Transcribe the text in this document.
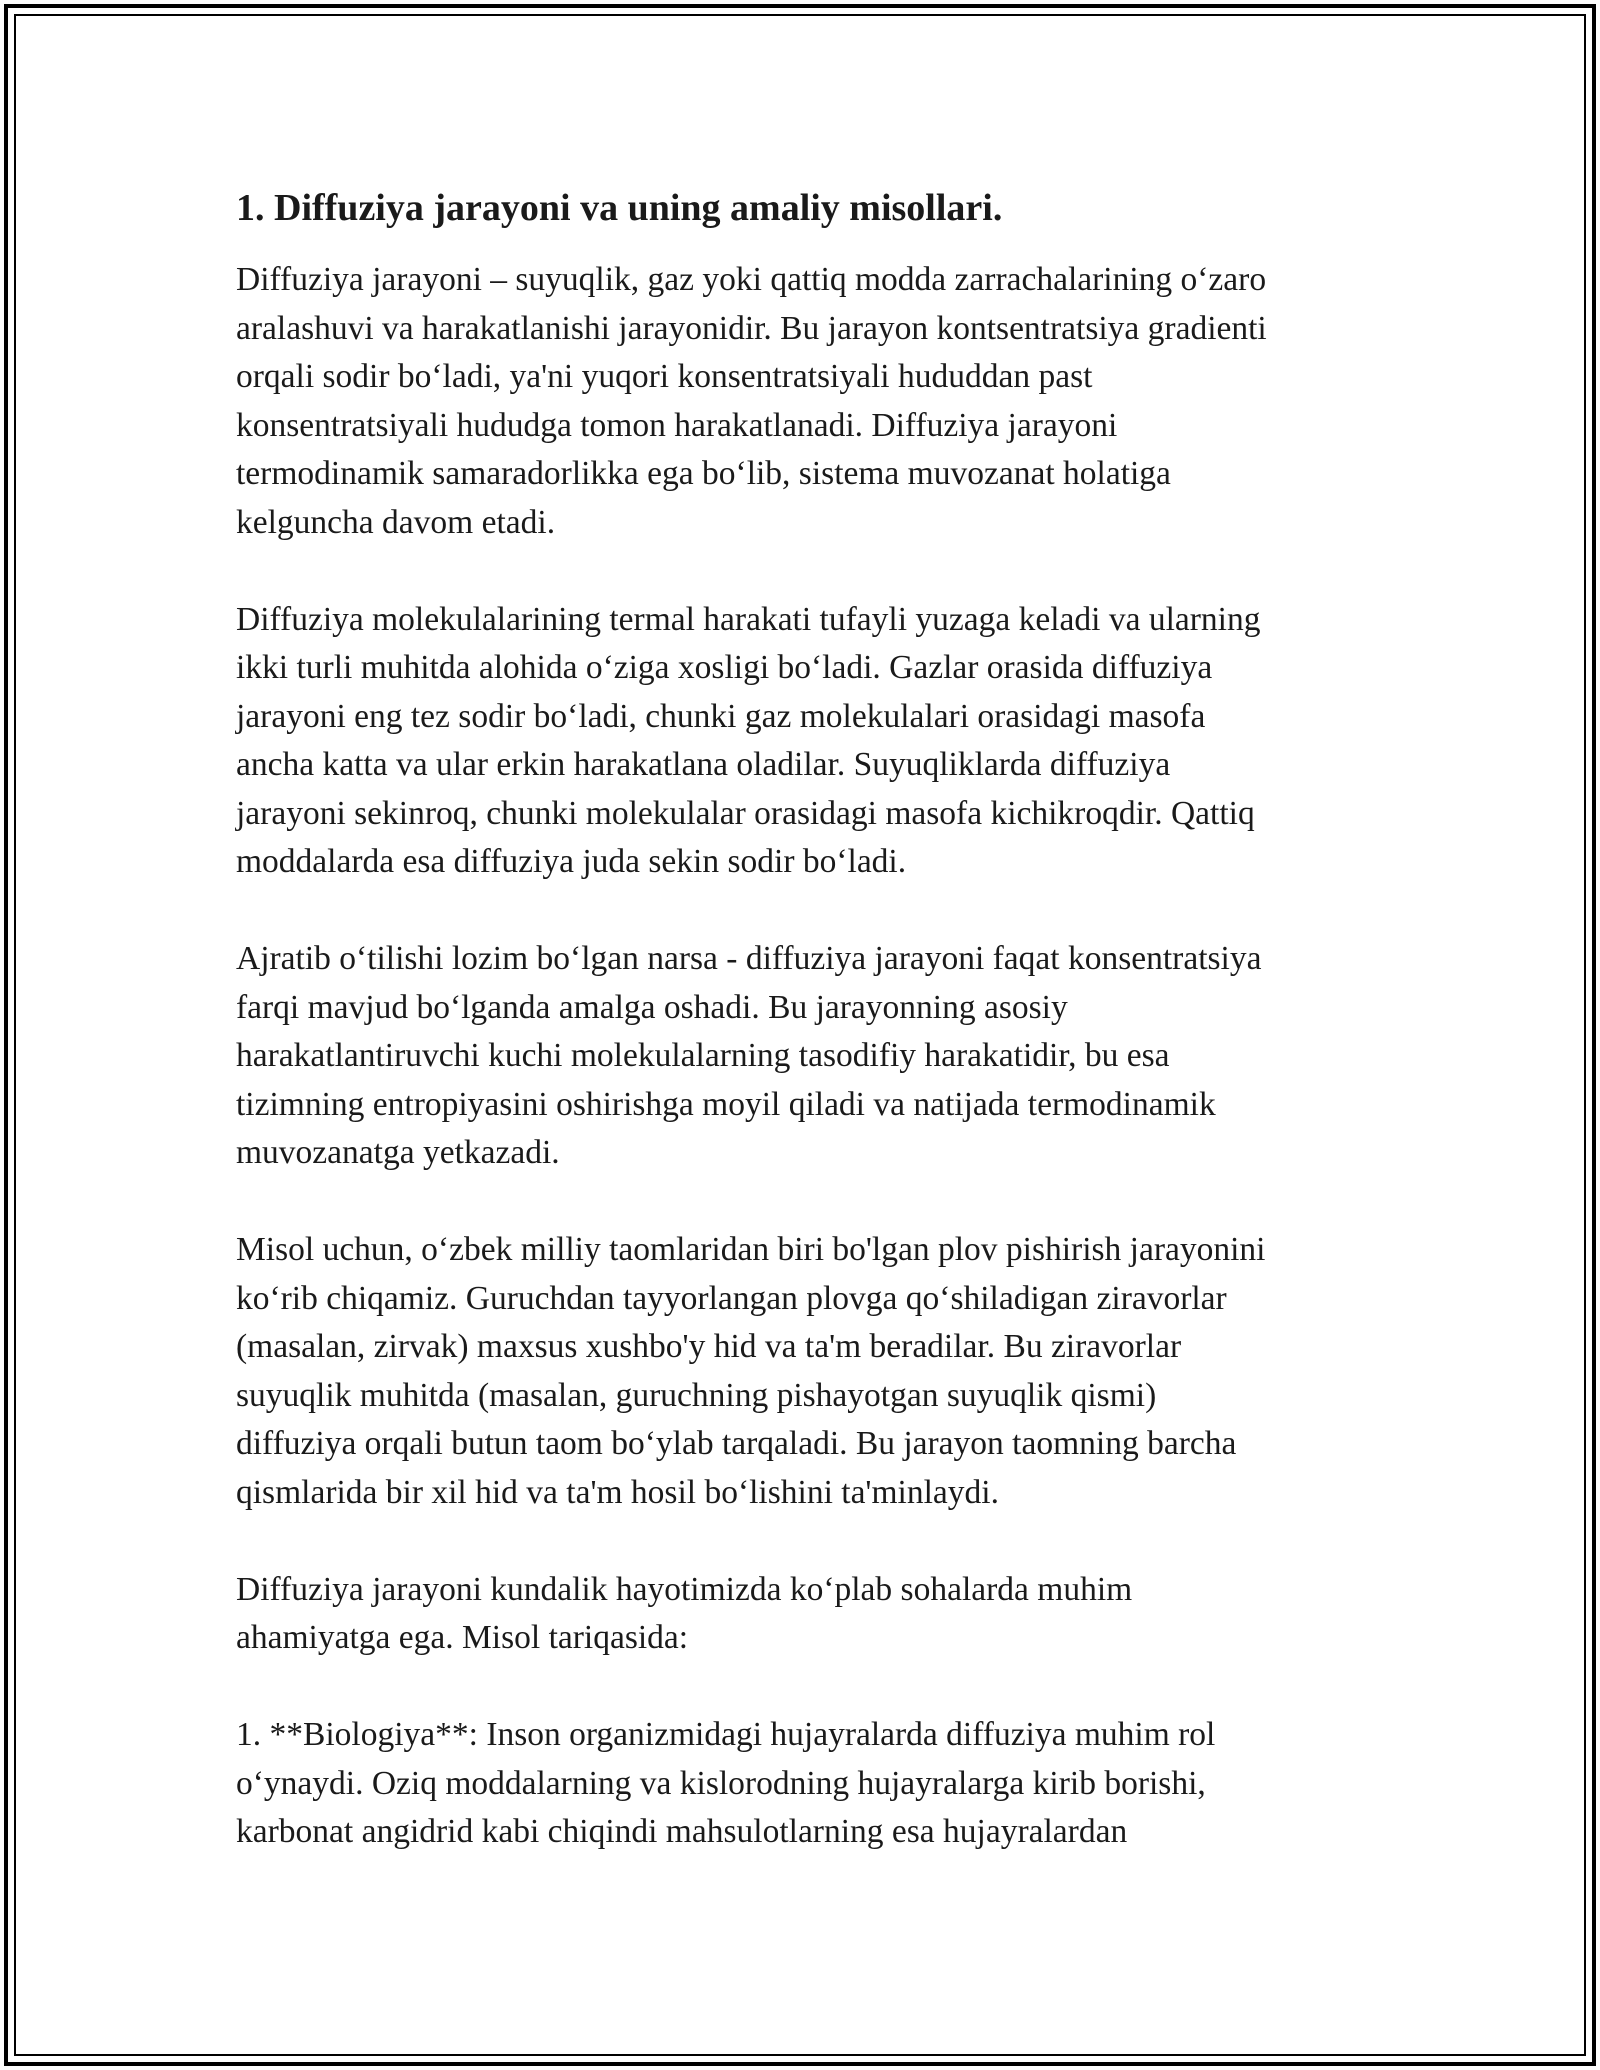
1. Diffuziya jarayoni va uning amaliy misollari.

Diffuziya jarayoni – suyuqlik, gaz yoki qattiq modda zarrachalarining o‘zaro
aralashuvi va harakatlanishi jarayonidir. Bu jarayon kontsentratsiya gradienti
orqali sodir bo‘ladi, ya'ni yuqori konsentratsiyali hududdan past
konsentratsiyali hududga tomon harakatlanadi. Diffuziya jarayoni
termodinamik samaradorlikka ega bo‘lib, sistema muvozanat holatiga
kelguncha davom etadi.

Diffuziya molekulalarining termal harakati tufayli yuzaga keladi va ularning
ikki turli muhitda alohida o‘ziga xosligi bo‘ladi. Gazlar orasida diffuziya
jarayoni eng tez sodir bo‘ladi, chunki gaz molekulalari orasidagi masofa
ancha katta va ular erkin harakatlana oladilar. Suyuqliklarda diffuziya
jarayoni sekinroq, chunki molekulalar orasidagi masofa kichikroqdir. Qattiq
moddalarda esa diffuziya juda sekin sodir bo‘ladi.

Ajratib o‘tilishi lozim bo‘lgan narsa - diffuziya jarayoni faqat konsentratsiya
farqi mavjud bo‘lganda amalga oshadi. Bu jarayonning asosiy
harakatlantiruvchi kuchi molekulalarning tasodifiy harakatidir, bu esa
tizimning entropiyasini oshirishga moyil qiladi va natijada termodinamik
muvozanatga yetkazadi.

Misol uchun, o‘zbek milliy taomlaridan biri bo'lgan plov pishirish jarayonini
ko‘rib chiqamiz. Guruchdan tayyorlangan plovga qo‘shiladigan ziravorlar
(masalan, zirvak) maxsus xushbo'y hid va ta'm beradilar. Bu ziravorlar
suyuqlik muhitda (masalan, guruchning pishayotgan suyuqlik qismi)
diffuziya orqali butun taom bo‘ylab tarqaladi. Bu jarayon taomning barcha
qismlarida bir xil hid va ta'm hosil bo‘lishini ta'minlaydi.

Diffuziya jarayoni kundalik hayotimizda ko‘plab sohalarda muhim
ahamiyatga ega. Misol tariqasida:

1. **Biologiya**: Inson organizmidagi hujayralarda diffuziya muhim rol
o‘ynaydi. Oziq moddalarning va kislorodning hujayralarga kirib borishi,
karbonat angidrid kabi chiqindi mahsulotlarning esa hujayralardan
